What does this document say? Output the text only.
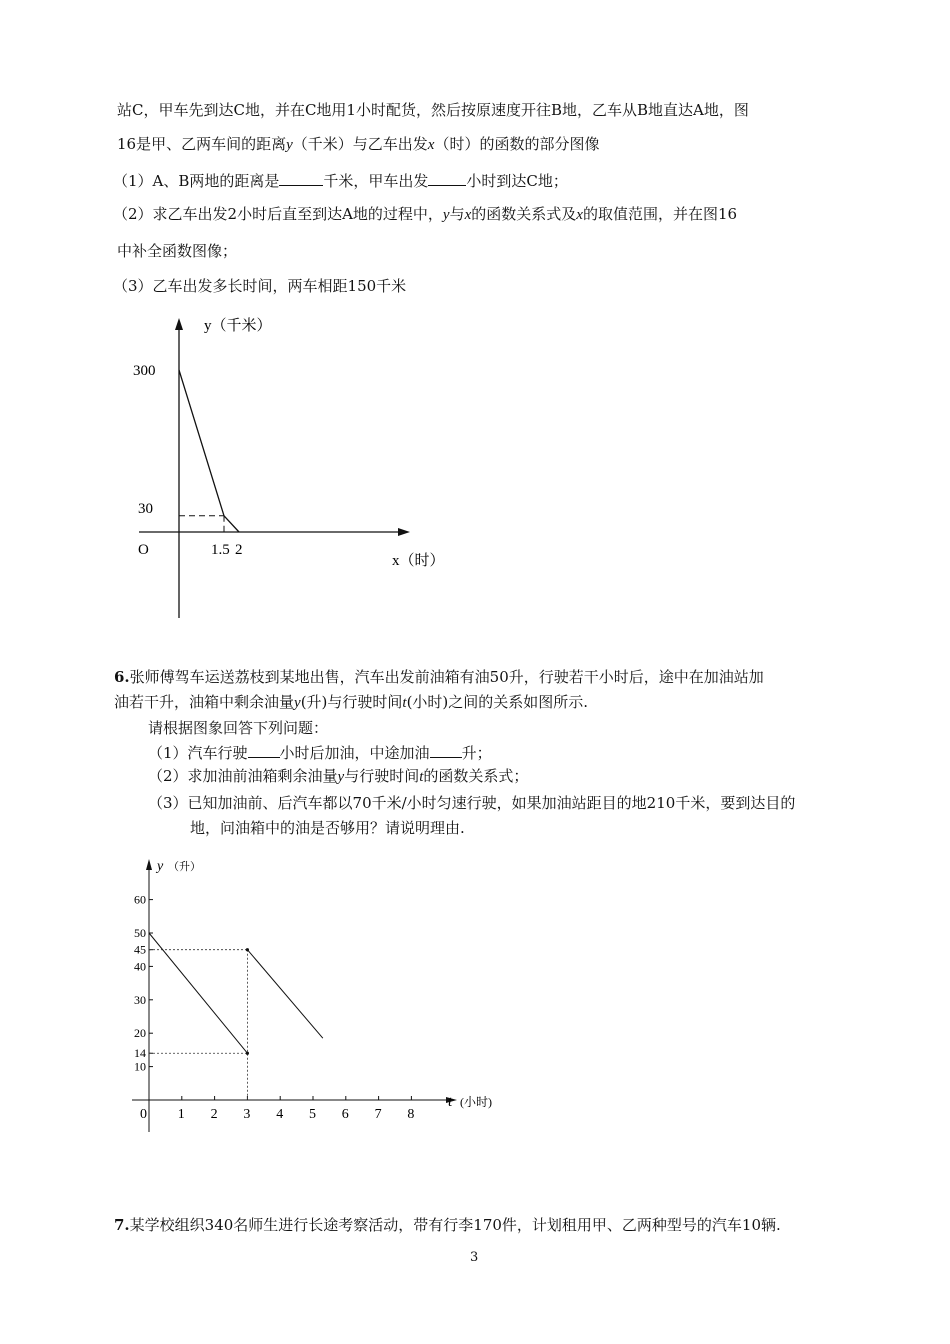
站C，甲车先到达C地，并在C地用1小时配货，然后按原速度开往B地，乙车从B地直达A地，图
16是甲、乙两车间的距离y（千米）与乙车出发x（时）的函数的部分图像
（1）A、B两地的距离是	千米，甲车出发	小时到达C地；
（2）求乙车出发2小时后直至到达A地的过程中，y与x的函数关系式及x的取值范围，并在图16
中补全函数图像；
（3）乙车出发多长时间，两车相距150千米
y（千米）
x（时）
O
300
30
1.5 2
6.张师傅驾车运送荔枝到某地出售，汽车出发前油箱有油50升，行驶若干小时后，途中在加油站加
油若干升，油箱中剩余油量y(升)与行驶时间t(小时)之间的关系如图所示.
请根据图象回答下列问题：
（1）汽车行驶 小时后加油，中途加油 升；
（2）求加油前油箱剩余油量y与行驶时间t的函数关系式；
（3）已知加油前、后汽车都以70千米/小时匀速行驶，如果加油站距目的地210千米，要到达目的
地，问油箱中的油是否够用？请说明理由.
y （升）
t (小时)
60
50
45
40
30
20
14
10
0 1 2 3 4 5 6 7 8
7.某学校组织340名师生进行长途考察活动，带有行李170件，计划租用甲、乙两种型号的汽车10辆.
3
